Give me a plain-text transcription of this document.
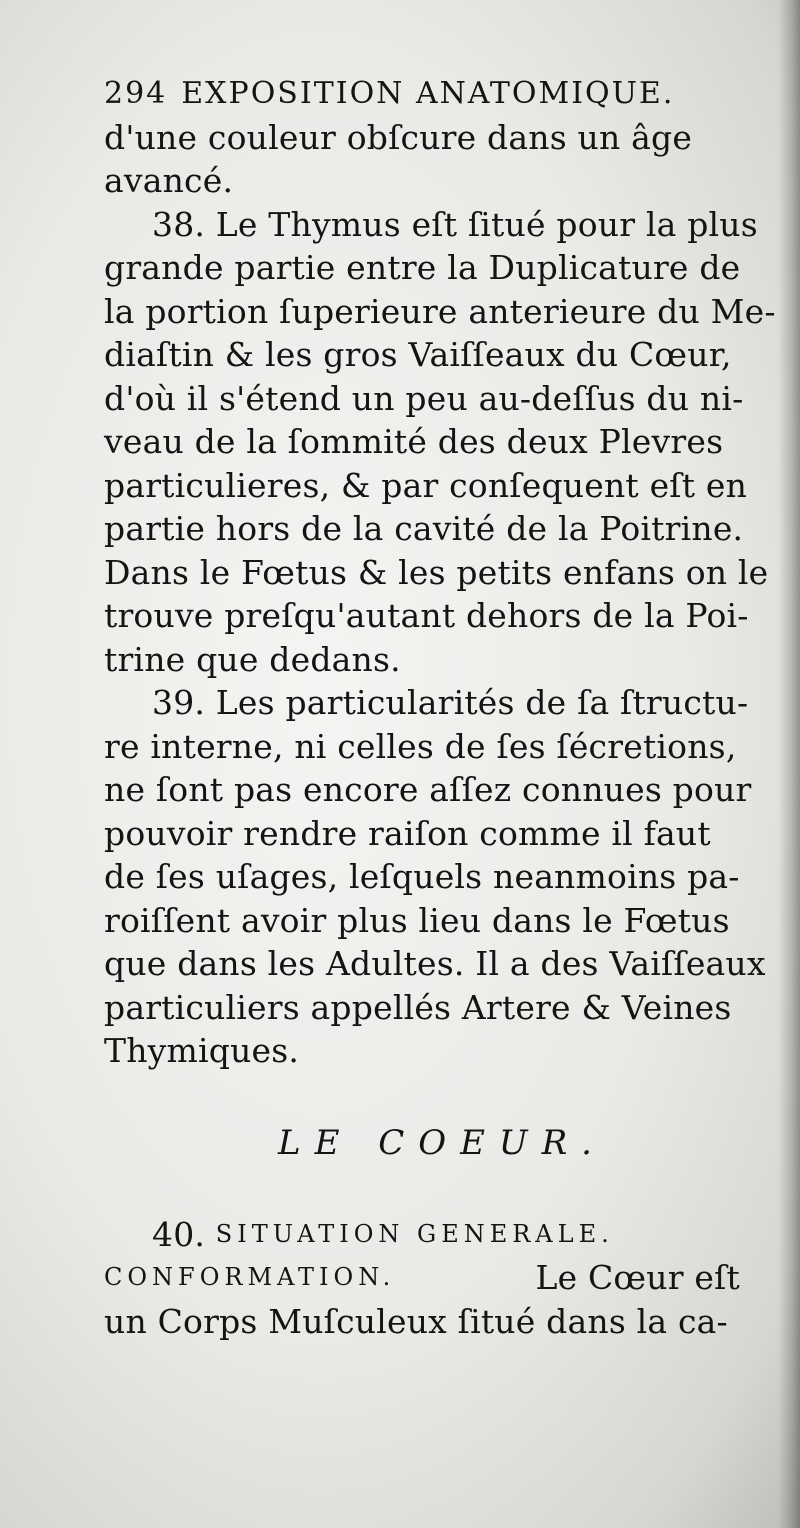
294 EXPOSITION ANATOMIQUE.
d'une couleur obſcure dans un âge
avancé.
38. Le Thymus eſt ſitué pour la plus
grande partie entre la Duplicature de
la portion ſuperieure anterieure du Me-
diaſtin & les gros Vaiſſeaux du Cœur,
d'où il s'étend un peu au-deſſus du ni-
veau de la ſommité des deux Plevres
particulieres, & par conſequent eſt en
partie hors de la cavité de la Poitrine.
Dans le Fœtus & les petits enfans on le
trouve preſqu'autant dehors de la Poi-
trine que dedans.
39. Les particularités de ſa ſtructu-
re interne, ni celles de ſes ſécretions,
ne ſont pas encore aſſez connues pour
pouvoir rendre raiſon comme il faut
de ſes uſages, leſquels neanmoins pa-
roiſſent avoir plus lieu dans le Fœtus
que dans les Adultes. Il a des Vaiſſeaux
particuliers appellés Artere & Veines
Thymiques.
LE COEUR.
40.
SITUATION GENERALE.
CONFORMATION.	Le Cœur eſt
un Corps Muſculeux ſitué dans la ca-
